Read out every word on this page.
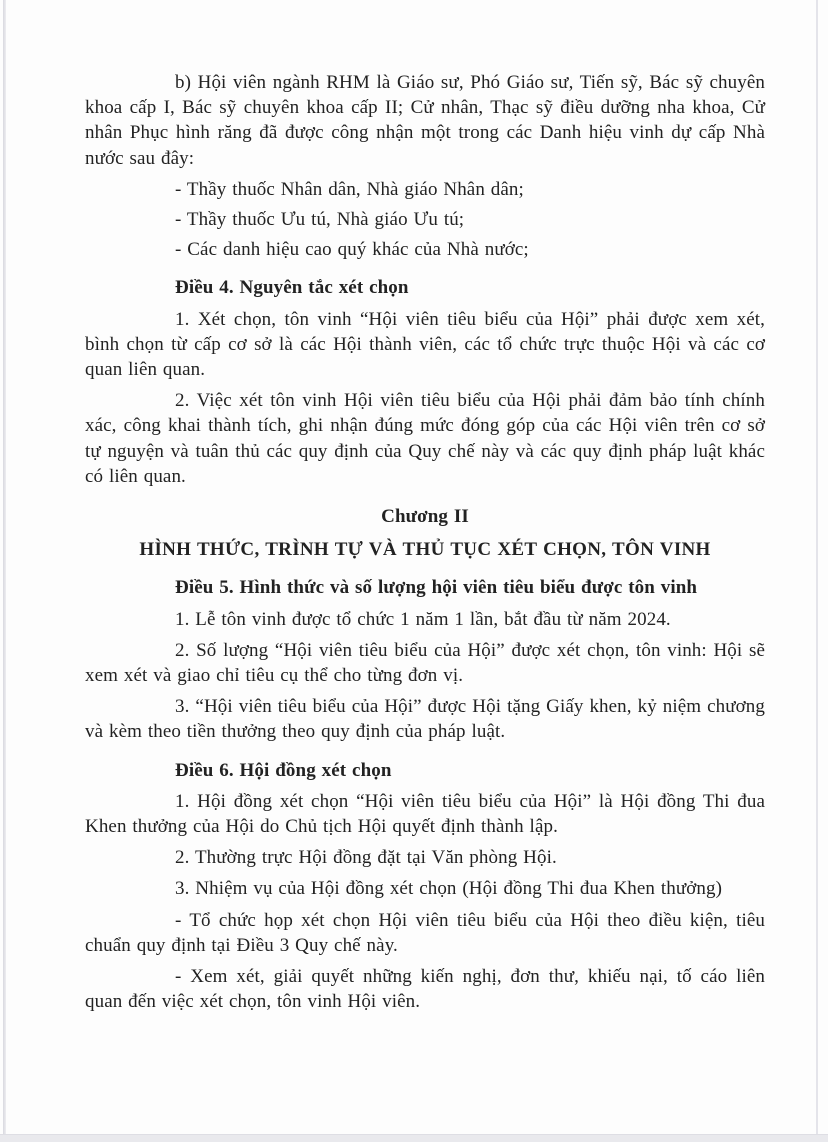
b) Hội viên ngành RHM là Giáo sư, Phó Giáo sư, Tiến sỹ, Bác sỹ chuyên khoa cấp I, Bác sỹ chuyên khoa cấp II; Cử nhân, Thạc sỹ điều dưỡng nha khoa, Cử nhân Phục hình răng đã được công nhận một trong các Danh hiệu vinh dự cấp Nhà nước sau đây:

- Thầy thuốc Nhân dân, Nhà giáo Nhân dân;

- Thầy thuốc Ưu tú, Nhà giáo Ưu tú;

- Các danh hiệu cao quý khác của Nhà nước;

Điều 4. Nguyên tắc xét chọn

1. Xét chọn, tôn vinh “Hội viên tiêu biểu của Hội” phải được xem xét, bình chọn từ cấp cơ sở là các Hội thành viên, các tổ chức trực thuộc Hội và các cơ quan liên quan.

2. Việc xét tôn vinh Hội viên tiêu biểu của Hội phải đảm bảo tính chính xác, công khai thành tích, ghi nhận đúng mức đóng góp của các Hội viên trên cơ sở tự nguyện và tuân thủ các quy định của Quy chế này và các quy định pháp luật khác có liên quan.

Chương II

HÌNH THỨC, TRÌNH TỰ VÀ THỦ TỤC XÉT CHỌN, TÔN VINH

Điều 5. Hình thức và số lượng hội viên tiêu biểu được tôn vinh

1. Lễ tôn vinh được tổ chức 1 năm 1 lần, bắt đầu từ năm 2024.

2. Số lượng “Hội viên tiêu biểu của Hội” được xét chọn, tôn vinh: Hội sẽ xem xét và giao chỉ tiêu cụ thể cho từng đơn vị.

3. “Hội viên tiêu biểu của Hội” được Hội tặng Giấy khen, kỷ niệm chương và kèm theo tiền thưởng theo quy định của pháp luật.

Điều 6. Hội đồng xét chọn

1. Hội đồng xét chọn “Hội viên tiêu biểu của Hội” là Hội đồng Thi đua Khen thưởng của Hội do Chủ tịch Hội quyết định thành lập.

2. Thường trực Hội đồng đặt tại Văn phòng Hội.

3. Nhiệm vụ của Hội đồng xét chọn (Hội đồng Thi đua Khen thưởng)

- Tổ chức họp xét chọn Hội viên tiêu biểu của Hội theo điều kiện, tiêu chuẩn quy định tại Điều 3 Quy chế này.

- Xem xét, giải quyết những kiến nghị, đơn thư, khiếu nại, tố cáo liên quan đến việc xét chọn, tôn vinh Hội viên.
